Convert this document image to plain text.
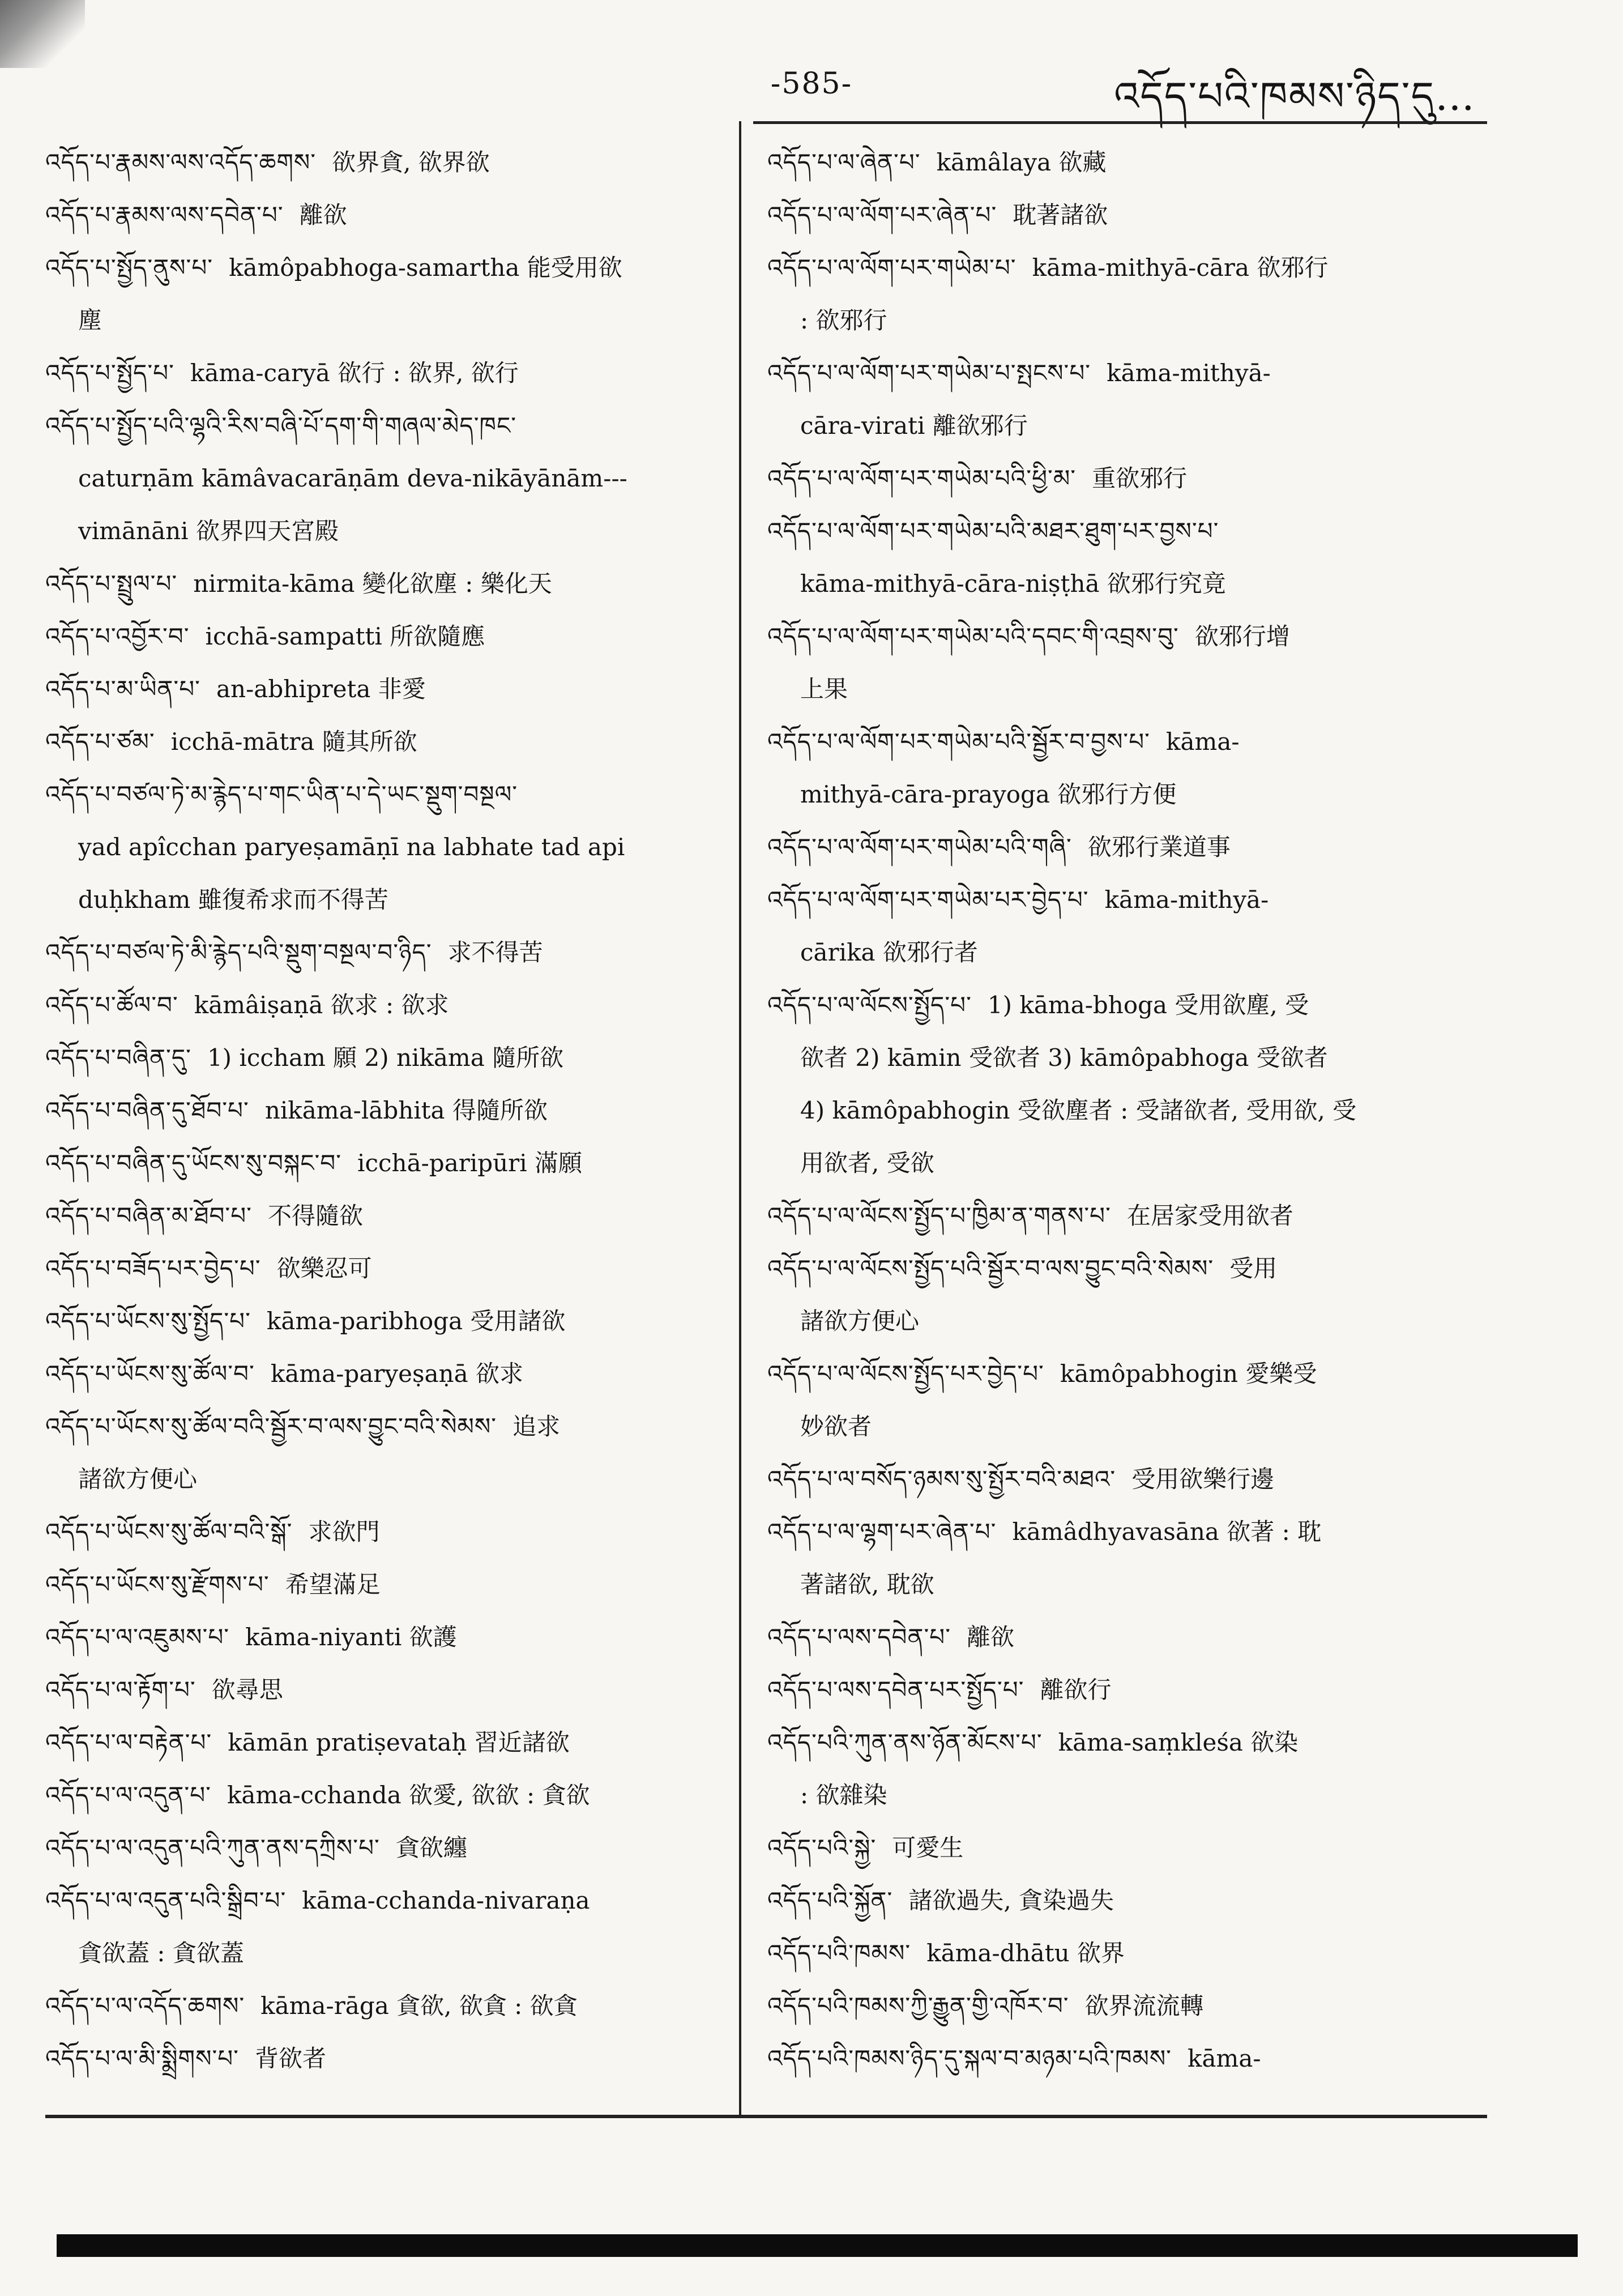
-585-	འདོད་པའི་ཁམས་ཉིད་དུ…
འདོད་པ་རྣམས་ལས་འདོད་ཆགས་ 欲界貪, 欲界欲
འདོད་པ་རྣམས་ལས་དབེན་པ་ 離欲
འདོད་པ་སྤྱོད་ནུས་པ་ kāmôpabhoga-samartha 能受用欲
塵
འདོད་པ་སྤྱོད་པ་ kāma-caryā 欲行 : 欲界, 欲行
འདོད་པ་སྤྱོད་པའི་ལྷའི་རིས་བཞི་པོ་དག་གི་གཞལ་མེད་ཁང་
caturṇām kāmâvacarāṇām deva-nikāyānām---
vimānāni 欲界四天宮殿
འདོད་པ་སྤྲུལ་པ་ nirmita-kāma 變化欲塵 : 樂化天
འདོད་པ་འབྱོར་བ་ icchā-sampatti 所欲隨應
འདོད་པ་མ་ཡིན་པ་ an-abhipreta 非愛
འདོད་པ་ཙམ་ icchā-mātra 隨其所欲
འདོད་པ་བཙལ་ཏེ་མ་རྙེད་པ་གང་ཡིན་པ་དེ་ཡང་སྡུག་བསྔལ་
yad apîcchan paryeṣamāṇī na labhate tad api
duḥkham 雖復希求而不得苦
འདོད་པ་བཙལ་ཏེ་མི་རྙེད་པའི་སྡུག་བསྔལ་བ་ཉིད་ 求不得苦
འདོད་པ་ཚོལ་བ་ kāmâiṣaṇā 欲求 : 欲求
འདོད་པ་བཞིན་དུ་ 1) iccham 願 2) nikāma 隨所欲
འདོད་པ་བཞིན་དུ་ཐོབ་པ་ nikāma-lābhita 得隨所欲
འདོད་པ་བཞིན་དུ་ཡོངས་སུ་བསྐང་བ་ icchā-paripūri 滿願
འདོད་པ་བཞིན་མ་ཐོབ་པ་ 不得隨欲
འདོད་པ་བཟོད་པར་བྱེད་པ་ 欲樂忍可
འདོད་པ་ཡོངས་སུ་སྤྱོད་པ་ kāma-paribhoga 受用諸欲
འདོད་པ་ཡོངས་སུ་ཚོལ་བ་ kāma-paryeṣaṇā 欲求
འདོད་པ་ཡོངས་སུ་ཚོལ་བའི་སྦྱོར་བ་ལས་བྱུང་བའི་སེམས་ 追求
諸欲方便心
འདོད་པ་ཡོངས་སུ་ཚོལ་བའི་སྒོ་ 求欲門
འདོད་པ་ཡོངས་སུ་རྫོགས་པ་ 希望滿足
འདོད་པ་ལ་འཇུམས་པ་ kāma-niyanti 欲護
འདོད་པ་ལ་རྟོག་པ་ 欲尋思
འདོད་པ་ལ་བརྟེན་པ་ kāmān pratiṣevataḥ 習近諸欲
འདོད་པ་ལ་འདུན་པ་ kāma-cchanda 欲愛, 欲欲 : 貪欲
འདོད་པ་ལ་འདུན་པའི་ཀུན་ནས་དཀྲིས་པ་ 貪欲纏
འདོད་པ་ལ་འདུན་པའི་སྒྲིབ་པ་ kāma-cchanda-nivaraṇa
貪欲蓋 : 貪欲蓋
འདོད་པ་ལ་འདོད་ཆགས་ kāma-rāga 貪欲, 欲貪 : 欲貪
འདོད་པ་ལ་མི་སྨྲིགས་པ་ 背欲者
འདོད་པ་ལ་ཞེན་པ་ kāmâlaya 欲藏
འདོད་པ་ལ་ལོག་པར་ཞེན་པ་ 耽著諸欲
འདོད་པ་ལ་ལོག་པར་གཡེམ་པ་ kāma-mithyā-cāra 欲邪行
: 欲邪行
འདོད་པ་ལ་ལོག་པར་གཡེམ་པ་སྤངས་པ་ kāma-mithyā-
cāra-virati 離欲邪行
འདོད་པ་ལ་ལོག་པར་གཡེམ་པའི་ཕྱི་མ་ 重欲邪行
འདོད་པ་ལ་ལོག་པར་གཡེམ་པའི་མཐར་ཐུག་པར་བྱས་པ་
kāma-mithyā-cāra-niṣṭhā 欲邪行究竟
འདོད་པ་ལ་ལོག་པར་གཡེམ་པའི་དབང་གི་འབྲས་བུ་ 欲邪行增
上果
འདོད་པ་ལ་ལོག་པར་གཡེམ་པའི་སྦྱོར་བ་བྱས་པ་ kāma-
mithyā-cāra-prayoga 欲邪行方便
འདོད་པ་ལ་ལོག་པར་གཡེམ་པའི་གཞི་ 欲邪行業道事
འདོད་པ་ལ་ལོག་པར་གཡེམ་པར་བྱེད་པ་ kāma-mithyā-
cārika 欲邪行者
འདོད་པ་ལ་ལོངས་སྤྱོད་པ་ 1) kāma-bhoga 受用欲塵, 受
欲者 2) kāmin 受欲者 3) kāmôpabhoga 受欲者
4) kāmôpabhogin 受欲塵者 : 受諸欲者, 受用欲, 受
用欲者, 受欲
འདོད་པ་ལ་ལོངས་སྤྱོད་པ་ཁྱིམ་ན་གནས་པ་ 在居家受用欲者
འདོད་པ་ལ་ལོངས་སྤྱོད་པའི་སྦྱོར་བ་ལས་བྱུང་བའི་སེམས་ 受用
諸欲方便心
འདོད་པ་ལ་ལོངས་སྤྱོད་པར་བྱེད་པ་ kāmôpabhogin 愛樂受
妙欲者
འདོད་པ་ལ་བསོད་ཉམས་སུ་སྤྱོར་བའི་མཐའ་ 受用欲樂行邊
འདོད་པ་ལ་ལྷག་པར་ཞེན་པ་ kāmâdhyavasāna 欲著 : 耽
著諸欲, 耽欲
འདོད་པ་ལས་དབེན་པ་ 離欲
འདོད་པ་ལས་དབེན་པར་སྤྱོད་པ་ 離欲行
འདོད་པའི་ཀུན་ནས་ཉོན་མོངས་པ་ kāma-saṃkleśa 欲染
: 欲雜染
འདོད་པའི་སྐྱེ་ 可愛生
འདོད་པའི་སྐྱོན་ 諸欲過失, 貪染過失
འདོད་པའི་ཁམས་ kāma-dhātu 欲界
འདོད་པའི་ཁམས་ཀྱི་རྒྱུན་གྱི་འཁོར་བ་ 欲界流流轉
འདོད་པའི་ཁམས་ཉིད་དུ་སྐལ་བ་མཉམ་པའི་ཁམས་ kāma-
